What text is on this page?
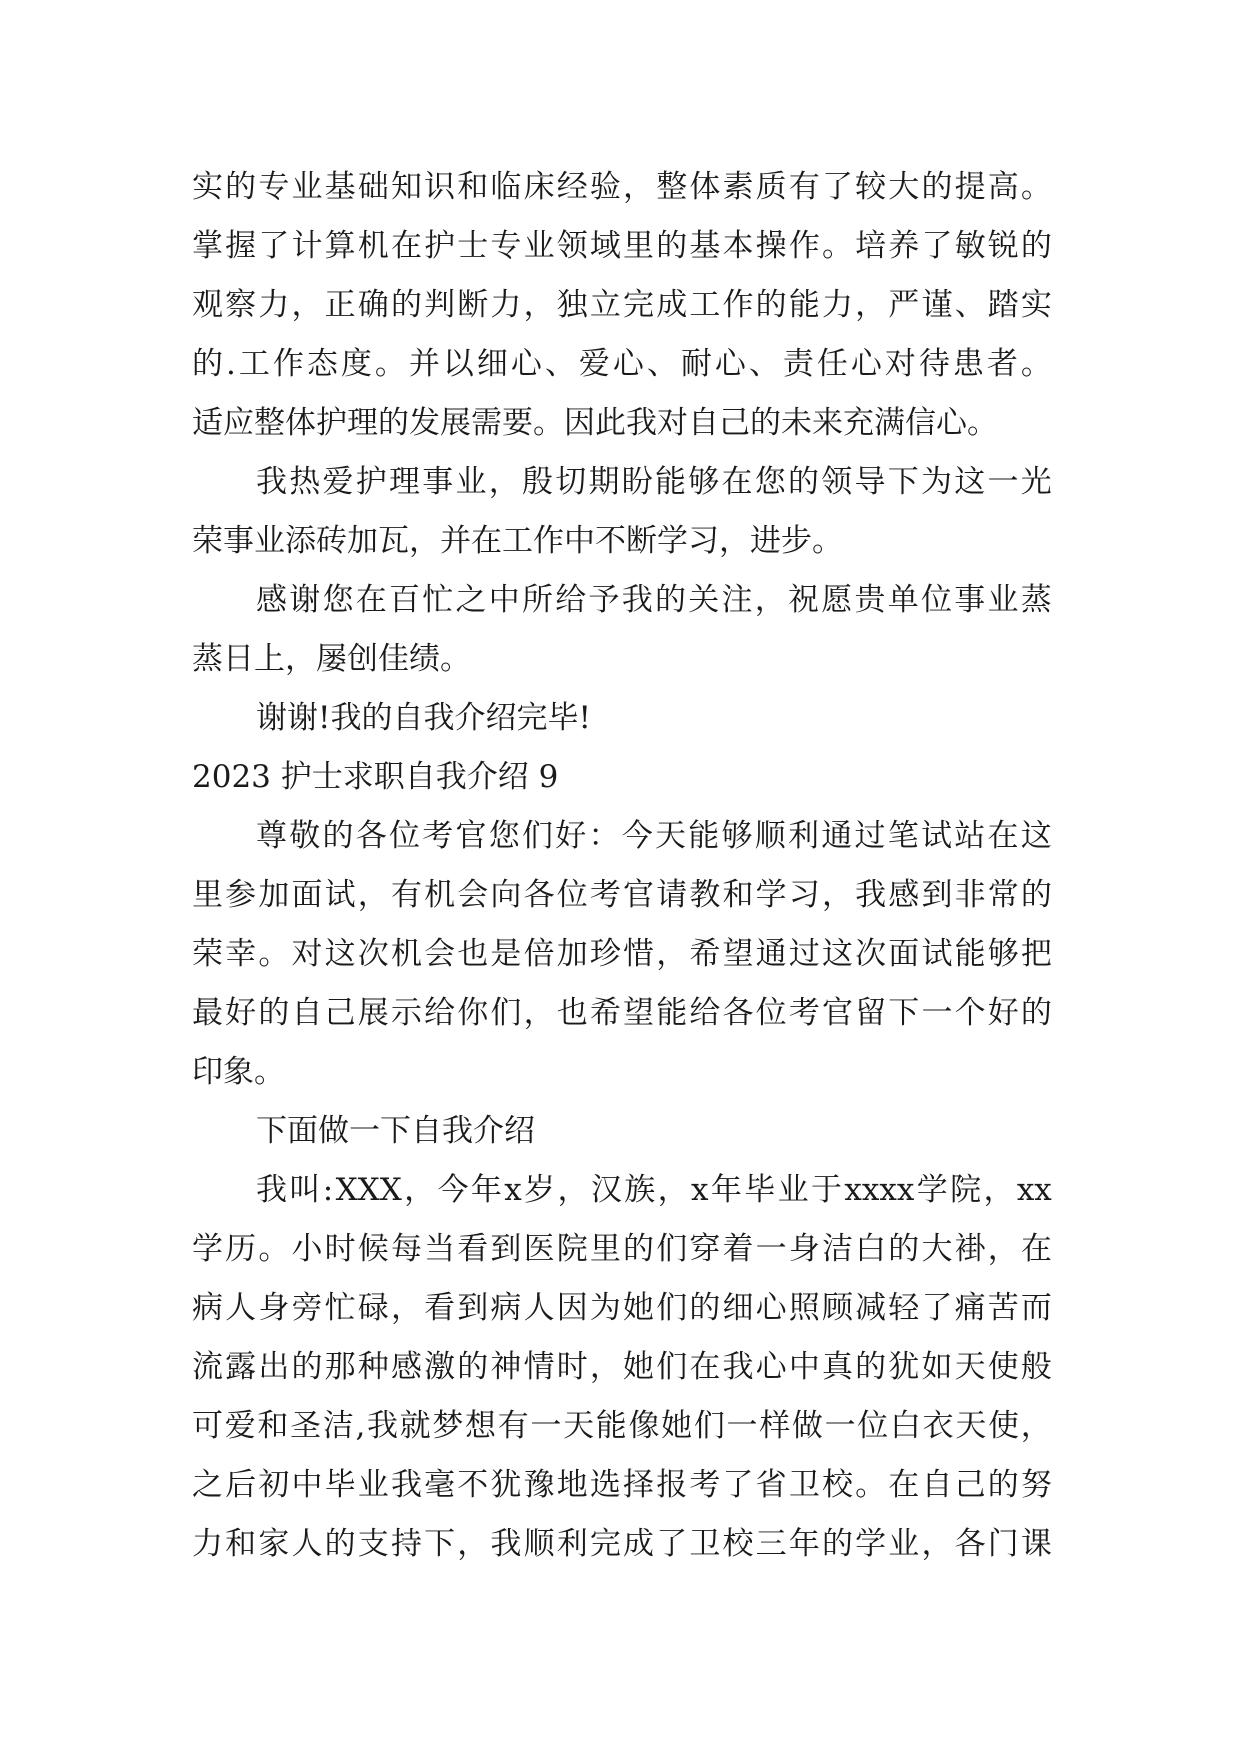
实 的 专 业 基 础 知 识 和 临 床 经 验 ， 整 体 素 质 有 了 较 大 的 提 高 。
掌 握 了 计 算 机 在 护 士 专 业 领 域 里 的 基 本 操 作 。 培 养 了 敏 锐 的
观 察 力 ， 正 确 的 判 断 力 ， 独 立 完 成 工 作 的 能 力 ， 严 谨 、 踏 实
的 . 工 作 态 度 。 并 以 细 心 、 爱 心 、 耐 心 、 责 任 心 对 待 患 者 。
适应整体护理的发展需要。因此我对自己的未来充满信心。
我 热 爱 护 理 事 业 ， 殷 切 期 盼 能 够 在 您 的 领 导 下 为 这 一 光
荣事业添砖加瓦，并在工作中不断学习，进步。
感 谢 您 在 百 忙 之 中 所 给 予 我 的 关 注 ， 祝 愿 贵 单 位 事 业 蒸
蒸日上，屡创佳绩。
谢谢!我的自我介绍完毕!
2023 护士求职自我介绍 9
尊 敬 的 各 位 考 官 您 们 好 ： 今 天 能 够 顺 利 通 过 笔 试 站 在 这
里 参 加 面 试 ， 有 机 会 向 各 位 考 官 请 教 和 学 习 ， 我 感 到 非 常 的
荣 幸 。 对 这 次 机 会 也 是 倍 加 珍 惜 ， 希 望 通 过 这 次 面 试 能 够 把
最 好 的 自 己 展 示 给 你 们 ， 也 希 望 能 给 各 位 考 官 留 下 一 个 好 的
印象。
下面做一下自我介绍
我 叫 : XXX ， 今 年 x 岁 ， 汉 族 ， x 年 毕 业 于 xxxx 学 院 ， xx
学 历 。 小 时 候 每 当 看 到 医 院 里 的 们 穿 着 一 身 洁 白 的 大 褂 ， 在
病 人 身 旁 忙 碌 ， 看 到 病 人 因 为 她 们 的 细 心 照 顾 减 轻 了 痛 苦 而
流 露 出 的 那 种 感 激 的 神 情 时 ， 她 们 在 我 心 中 真 的 犹 如 天 使 般
可 爱 和 圣 洁 , 我 就 梦 想 有 一 天 能 像 她 们 一 样 做 一 位 白 衣 天 使 ，
之 后 初 中 毕 业 我 毫 不 犹 豫 地 选 择 报 考 了 省 卫 校 。 在 自 己 的 努
力 和 家 人 的 支 持 下 ， 我 顺 利 完 成 了 卫 校 三 年 的 学 业 ， 各 门 课
